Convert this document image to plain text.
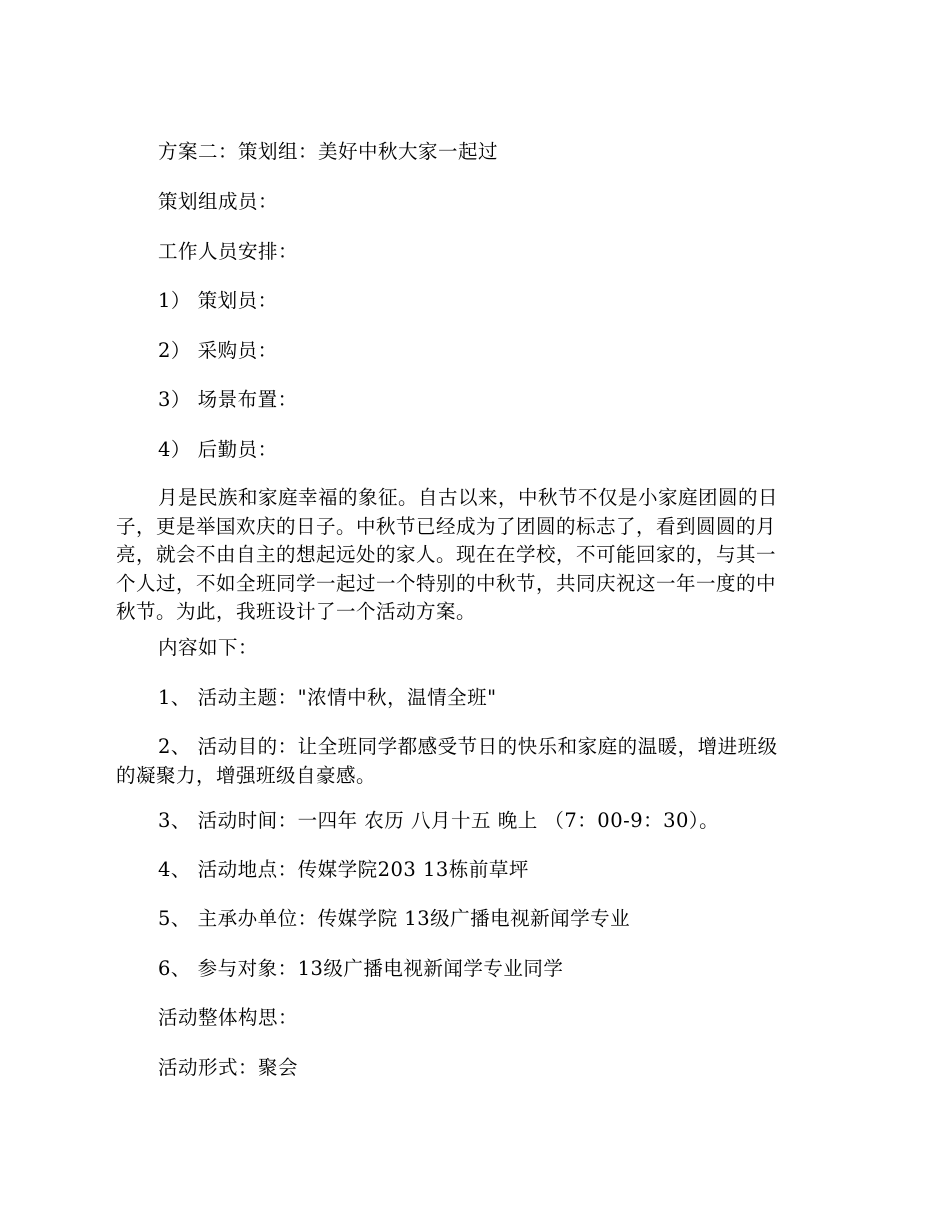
方案二：策划组：美好中秋大家一起过
策划组成员：
工作人员安排：
1） 策划员：
2） 采购员：
3） 场景布置：
4） 后勤员：
月是民族和家庭幸福的象征。自古以来，中秋节不仅是小家庭团圆的日
子，更是举国欢庆的日子。中秋节已经成为了团圆的标志了，看到圆圆的月
亮，就会不由自主的想起远处的家人。现在在学校，不可能回家的，与其一
个人过，不如全班同学一起过一个特别的中秋节，共同庆祝这一年一度的中
秋节。为此，我班设计了一个活动方案。
内容如下：
1、 活动主题："浓情中秋，温情全班"
2、 活动目的：让全班同学都感受节日的快乐和家庭的温暖，增进班级
的凝聚力，增强班级自豪感。
3、 活动时间：一四年 农历 八月十五 晚上 （7：00-9：30）。
4、 活动地点：传媒学院203 13栋前草坪
5、 主承办单位：传媒学院 13级广播电视新闻学专业
6、 参与对象：13级广播电视新闻学专业同学
活动整体构思：
活动形式：聚会
